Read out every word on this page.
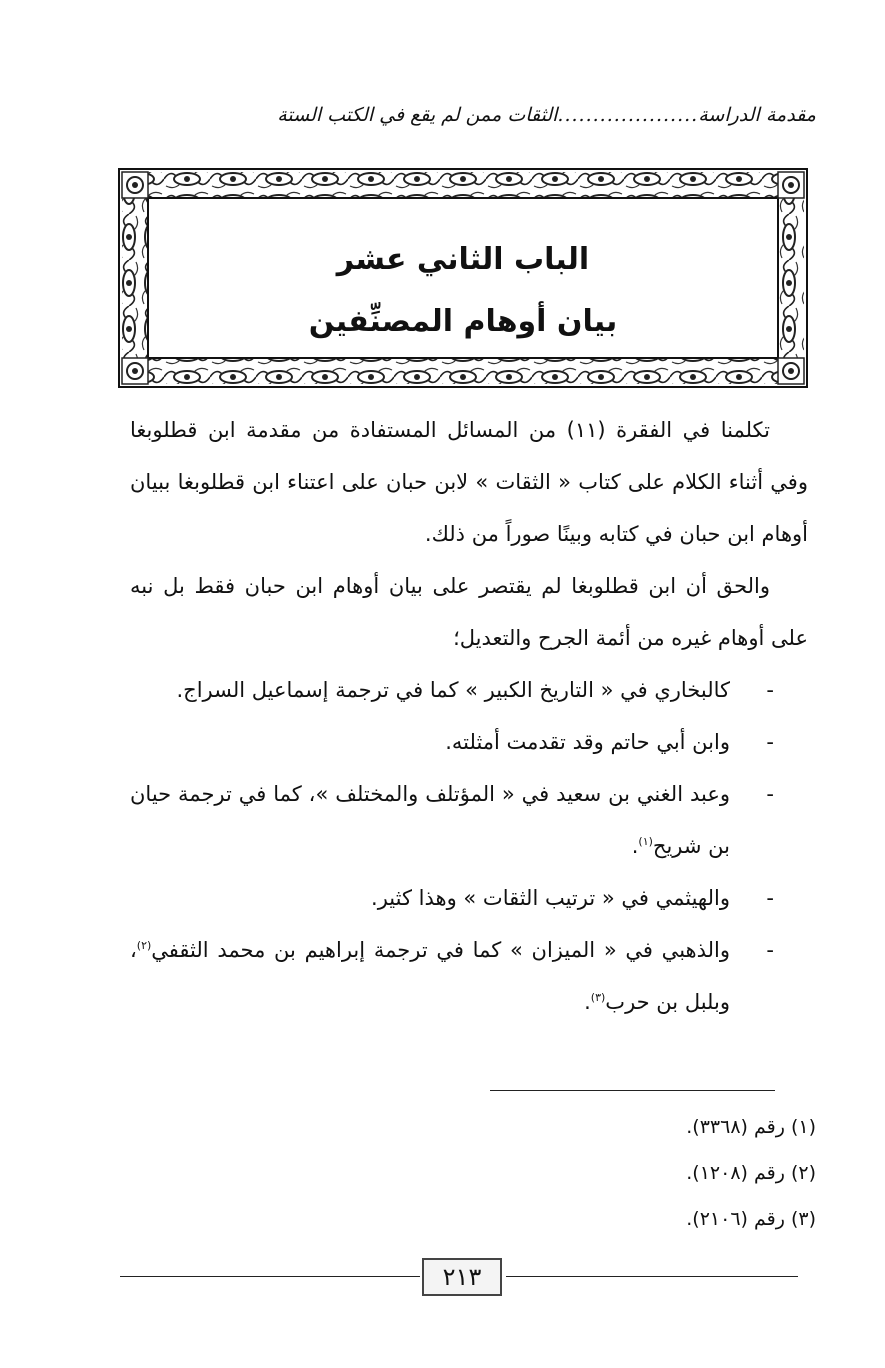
مقدمة الدراسة....................الثقات ممن لم يقع في الكتب الستة
الباب الثاني عشر
بيان أوهام المصنِّفين

تكلمنا في الفقرة (١١) من المسائل المستفادة من مقدمة ابن قطلوبغا وفي أثناء الكلام على كتاب « الثقات » لابن حبان على اعتناء ابن قطلوبغا ببيان أوهام ابن حبان في كتابه وبينًا صوراً من ذلك.

والحق أن ابن قطلوبغا لم يقتصر على بيان أوهام ابن حبان فقط بل نبه على أوهام غيره من أئمة الجرح والتعديل؛

-
كالبخاري في « التاريخ الكبير » كما في ترجمة إسماعيل السراج.
-
وابن أبي حاتم وقد تقدمت أمثلته.
-
وعبد الغني بن سعيد في « المؤتلف والمختلف »، كما في ترجمة حيان بن شريح$^{(١)}$.
-
والهيثمي في « ترتيب الثقات » وهذا كثير.
-
والذهبي في « الميزان » كما في ترجمة إبراهيم بن محمد الثقفي$^{(٢)}$، وبلبل بن حرب$^{(٣)}$.
(١) رقم (٣٣٦٨).
(٢) رقم (١٢٠٨).
(٣) رقم (٢١٠٦).
٢١٣
